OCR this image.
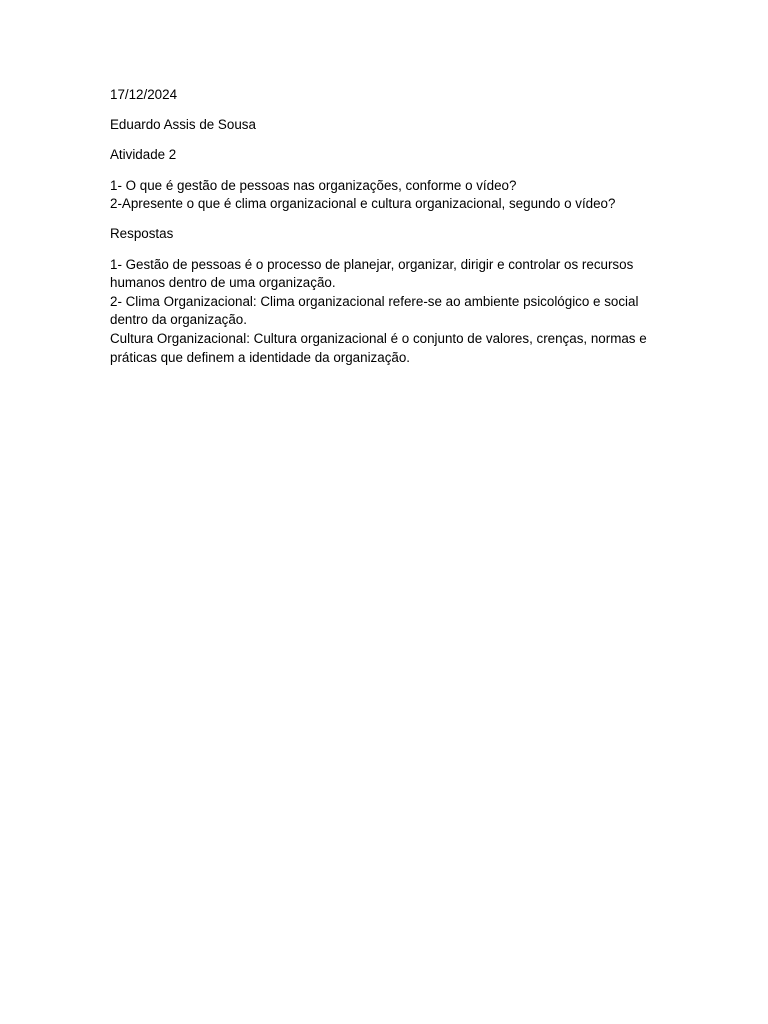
17/12/2024

Eduardo Assis de Sousa

Atividade 2

1- O que é gestão de pessoas nas organizações, conforme o vídeo?
2-Apresente o que é clima organizacional e cultura organizacional, segundo o vídeo?

Respostas

1- Gestão de pessoas é o processo de planejar, organizar, dirigir e controlar os recursos humanos dentro de uma organização.
2- Clima Organizacional: Clima organizacional refere-se ao ambiente psicológico e social dentro da organização.
Cultura Organizacional: Cultura organizacional é o conjunto de valores, crenças, normas e práticas que definem a identidade da organização.
